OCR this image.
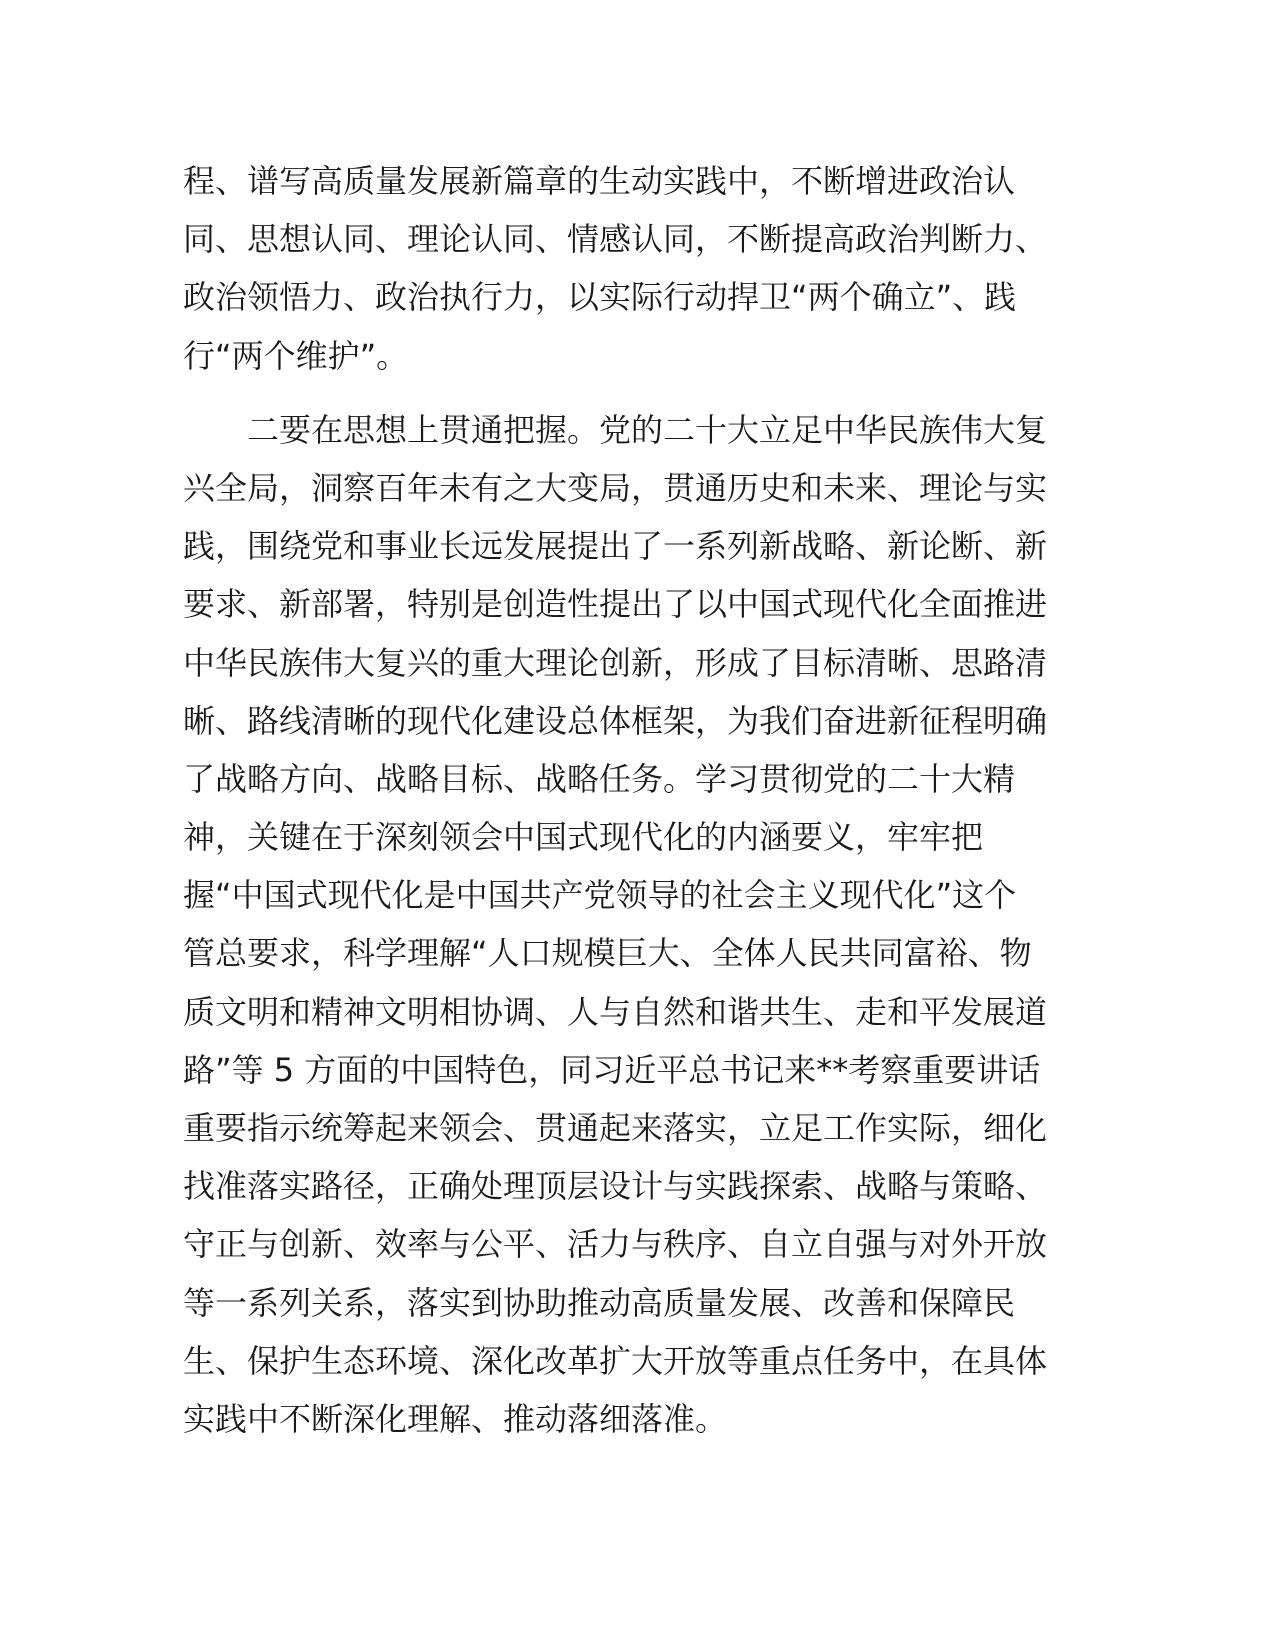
程、谱写高质量发展新篇章的生动实践中，不断增进政治认
同、思想认同、理论认同、情感认同，不断提高政治判断力、
政治领悟力、政治执行力，以实际行动捍卫“两个确立”、践
行“两个维护”。
　　二要在思想上贯通把握。党的二十大立足中华民族伟大复
兴全局，洞察百年未有之大变局，贯通历史和未来、理论与实
践，围绕党和事业长远发展提出了一系列新战略、新论断、新
要求、新部署，特别是创造性提出了以中国式现代化全面推进
中华民族伟大复兴的重大理论创新，形成了目标清晰、思路清
晰、路线清晰的现代化建设总体框架，为我们奋进新征程明确
了战略方向、战略目标、战略任务。学习贯彻党的二十大精
神，关键在于深刻领会中国式现代化的内涵要义，牢牢把
握“中国式现代化是中国共产党领导的社会主义现代化”这个
管总要求，科学理解“人口规模巨大、全体人民共同富裕、物
质文明和精神文明相协调、人与自然和谐共生、走和平发展道
路”等 5 方面的中国特色，同习近平总书记来**考察重要讲话
重要指示统筹起来领会、贯通起来落实，立足工作实际，细化
找准落实路径，正确处理顶层设计与实践探索、战略与策略、
守正与创新、效率与公平、活力与秩序、自立自强与对外开放
等一系列关系，落实到协助推动高质量发展、改善和保障民
生、保护生态环境、深化改革扩大开放等重点任务中，在具体
实践中不断深化理解、推动落细落准。
